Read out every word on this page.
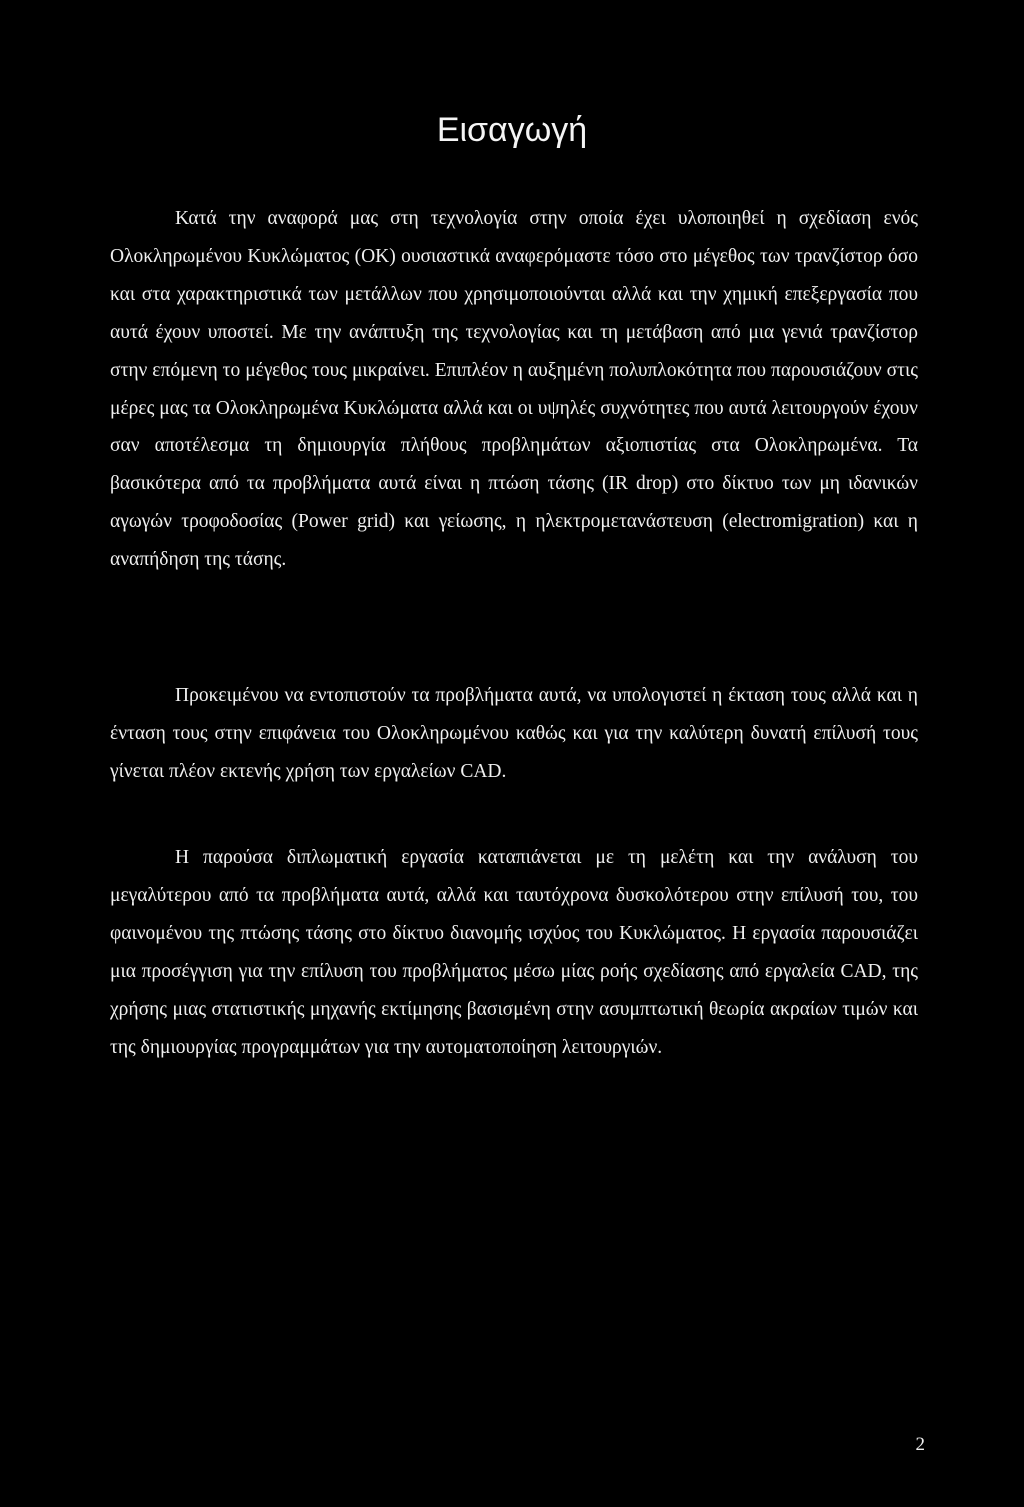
Εισαγωγή

Κατά την αναφορά μας στη τεχνολογία στην οποία έχει υλοποιηθεί η σχεδίαση ενός Ολοκληρωμένου Κυκλώματος (ΟΚ) ουσιαστικά αναφερόμαστε τόσο στο μέγεθος των τρανζίστορ όσο και στα χαρακτηριστικά των μετάλλων που χρησιμοποιούνται αλλά και την χημική επεξεργασία που αυτά έχουν υποστεί. Με την ανάπτυξη της τεχνολογίας και τη μετάβαση από μια γενιά τρανζίστορ στην επόμενη το μέγεθος τους μικραίνει. Επιπλέον η αυξημένη πολυπλοκότητα που παρουσιάζουν στις μέρες μας τα Ολοκληρωμένα Κυκλώματα αλλά και οι υψηλές συχνότητες που αυτά λειτουργούν έχουν σαν αποτέλεσμα τη δημιουργία πλήθους προβλημάτων αξιοπιστίας στα Ολοκληρωμένα. Τα βασικότερα από τα προβλήματα αυτά είναι η πτώση τάσης (IR drop) στο δίκτυο των μη ιδανικών αγωγών τροφοδοσίας (Power grid) και γείωσης, η ηλεκτρομετανάστευση (electromigration) και η αναπήδηση της τάσης.

Προκειμένου να εντοπιστούν τα προβλήματα αυτά, να υπολογιστεί η έκταση τους αλλά και η ένταση τους στην επιφάνεια του Ολοκληρωμένου καθώς και για την καλύτερη δυνατή επίλυσή τους γίνεται πλέον εκτενής χρήση των εργαλείων CAD.

Η παρούσα διπλωματική εργασία καταπιάνεται με τη μελέτη και την ανάλυση του μεγαλύτερου από τα προβλήματα αυτά, αλλά και ταυτόχρονα δυσκολότερου στην επίλυσή του, του φαινομένου της πτώσης τάσης στο δίκτυο διανομής ισχύος του Κυκλώματος. Η εργασία παρουσιάζει μια προσέγγιση για την επίλυση του προβλήματος μέσω μίας ροής σχεδίασης από εργαλεία CAD, της χρήσης μιας στατιστικής μηχανής εκτίμησης βασισμένη στην ασυμπτωτική θεωρία ακραίων τιμών και της δημιουργίας προγραμμάτων για την αυτοματοποίηση λειτουργιών.

2
